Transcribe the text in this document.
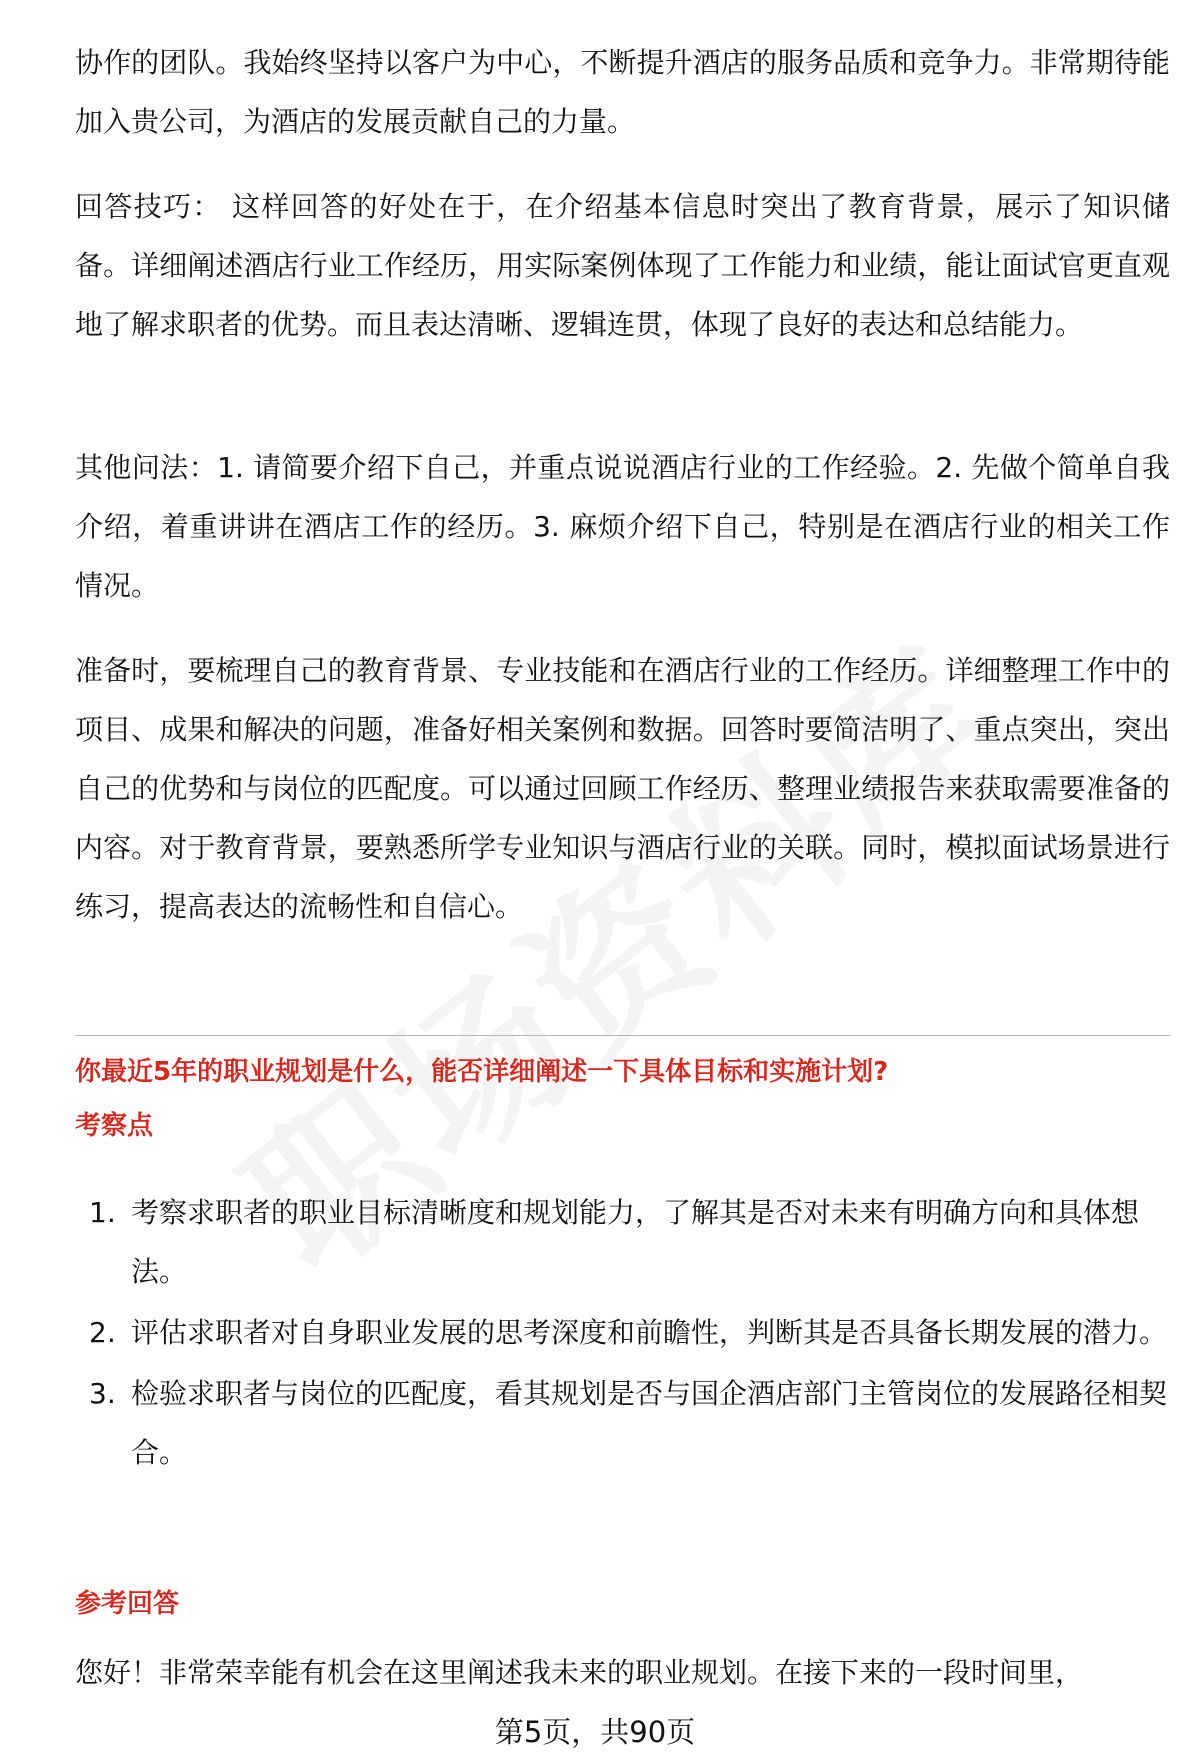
协作的团队。我始终坚持以客户为中心，不断提升酒店的服务品质和竞争力。非常期待能加入贵公司，为酒店的发展贡献自己的力量。

回答技巧： 这样回答的好处在于，在介绍基本信息时突出了教育背景，展示了知识储备。详细阐述酒店行业工作经历，用实际案例体现了工作能力和业绩，能让面试官更直观地了解求职者的优势。而且表达清晰、逻辑连贯，体现了良好的表达和总结能力。

其他问法：1. 请简要介绍下自己，并重点说说酒店行业的工作经验。2. 先做个简单自我介绍，着重讲讲在酒店工作的经历。3. 麻烦介绍下自己，特别是在酒店行业的相关工作情况。

准备时，要梳理自己的教育背景、专业技能和在酒店行业的工作经历。详细整理工作中的项目、成果和解决的问题，准备好相关案例和数据。回答时要简洁明了、重点突出，突出自己的优势和与岗位的匹配度。可以通过回顾工作经历、整理业绩报告来获取需要准备的内容。对于教育背景，要熟悉所学专业知识与酒店行业的关联。同时，模拟面试场景进行练习，提高表达的流畅性和自信心。

你最近5年的职业规划是什么，能否详细阐述一下具体目标和实施计划?
考察点
1. 考察求职者的职业目标清晰度和规划能力，了解其是否对未来有明确方向和具体想法。
2. 评估求职者对自身职业发展的思考深度和前瞻性，判断其是否具备长期发展的潜力。
3. 检验求职者与岗位的匹配度，看其规划是否与国企酒店部门主管岗位的发展路径相契合。
参考回答

您好！非常荣幸能有机会在这里阐述我未来的职业规划。在接下来的一段时间里，

第5页，共90页
